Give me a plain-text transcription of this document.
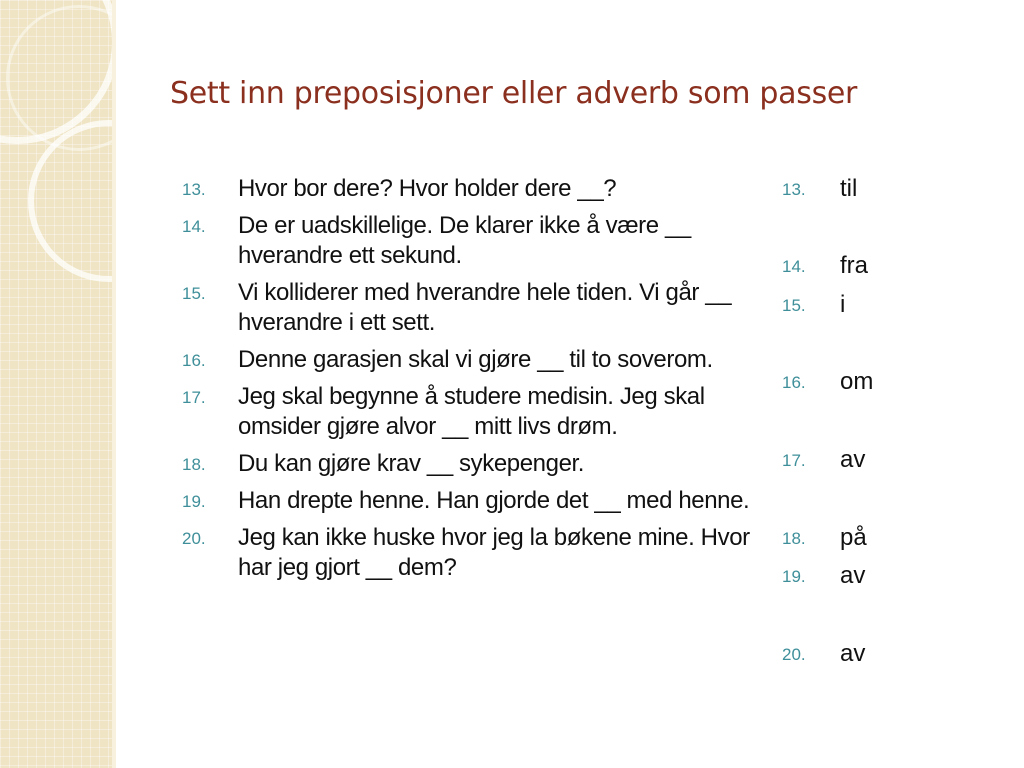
Sett inn preposisjoner eller adverb som passer
13.	Hvor bor dere? Hvor holder dere __?
14.	De er uadskillelige. De klarer ikke å være __ hverandre ett sekund.
15.	Vi kolliderer med hverandre hele tiden. Vi går __ hverandre i ett sett.
16.	Denne garasjen skal vi gjøre __ til to soverom.
17.	Jeg skal begynne å studere medisin. Jeg skal omsider gjøre alvor __ mitt livs drøm.
18.	Du kan gjøre krav __ sykepenger.
19.	Han drepte henne. Han gjorde det __ med henne.
20.	Jeg kan ikke huske hvor jeg la bøkene mine. Hvor har jeg gjort __ dem?
13.	til
14.	fra
15.	i
16.	om
17.	av
18.	på
19.	av
20.	av
